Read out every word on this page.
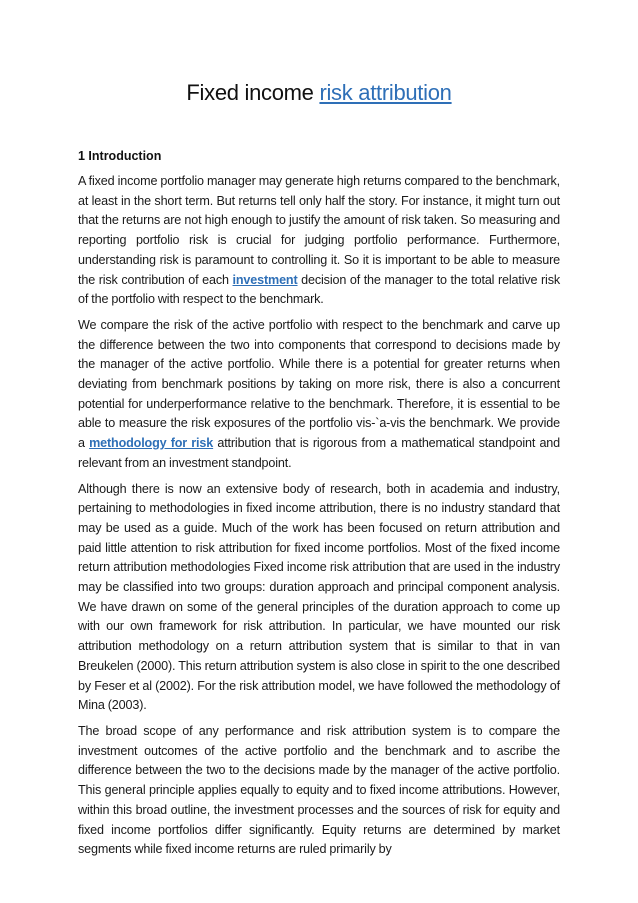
Fixed income risk attribution
1 Introduction

A fixed income portfolio manager may generate high returns compared to the benchmark, at least in the short term. But returns tell only half the story. For instance, it might turn out that the returns are not high enough to justify the amount of risk taken. So measuring and reporting portfolio risk is crucial for judging portfolio performance. Furthermore, understanding risk is paramount to controlling it. So it is important to be able to measure the risk contribution of each investment decision of the manager to the total relative risk of the portfolio with respect to the benchmark.

We compare the risk of the active portfolio with respect to the benchmark and carve up the difference between the two into components that correspond to decisions made by the manager of the active portfolio. While there is a potential for greater returns when deviating from benchmark positions by taking on more risk, there is also a concurrent potential for underperformance relative to the benchmark. Therefore, it is essential to be able to measure the risk exposures of the portfolio vis-`a-vis the benchmark. We provide a methodology for risk attribution that is rigorous from a mathematical standpoint and relevant from an investment standpoint.

Although there is now an extensive body of research, both in academia and industry, pertaining to methodologies in fixed income attribution, there is no industry standard that may be used as a guide. Much of the work has been focused on return attribution and paid little attention to risk attribution for fixed income portfolios. Most of the fixed income return attribution methodologies Fixed income risk attribution that are used in the industry may be classified into two groups: duration approach and principal component analysis. We have drawn on some of the general principles of the duration approach to come up with our own framework for risk attribution. In particular, we have mounted our risk attribution methodology on a return attribution system that is similar to that in van Breukelen (2000). This return attribution system is also close in spirit to the one described by Feser et al (2002). For the risk attribution model, we have followed the methodology of Mina (2003).

The broad scope of any performance and risk attribution system is to compare the investment outcomes of the active portfolio and the benchmark and to ascribe the difference between the two to the decisions made by the manager of the active portfolio. This general principle applies equally to equity and to fixed income attributions. However, within this broad outline, the investment processes and the sources of risk for equity and fixed income portfolios differ significantly. Equity returns are determined by market segments while fixed income returns are ruled primarily by
